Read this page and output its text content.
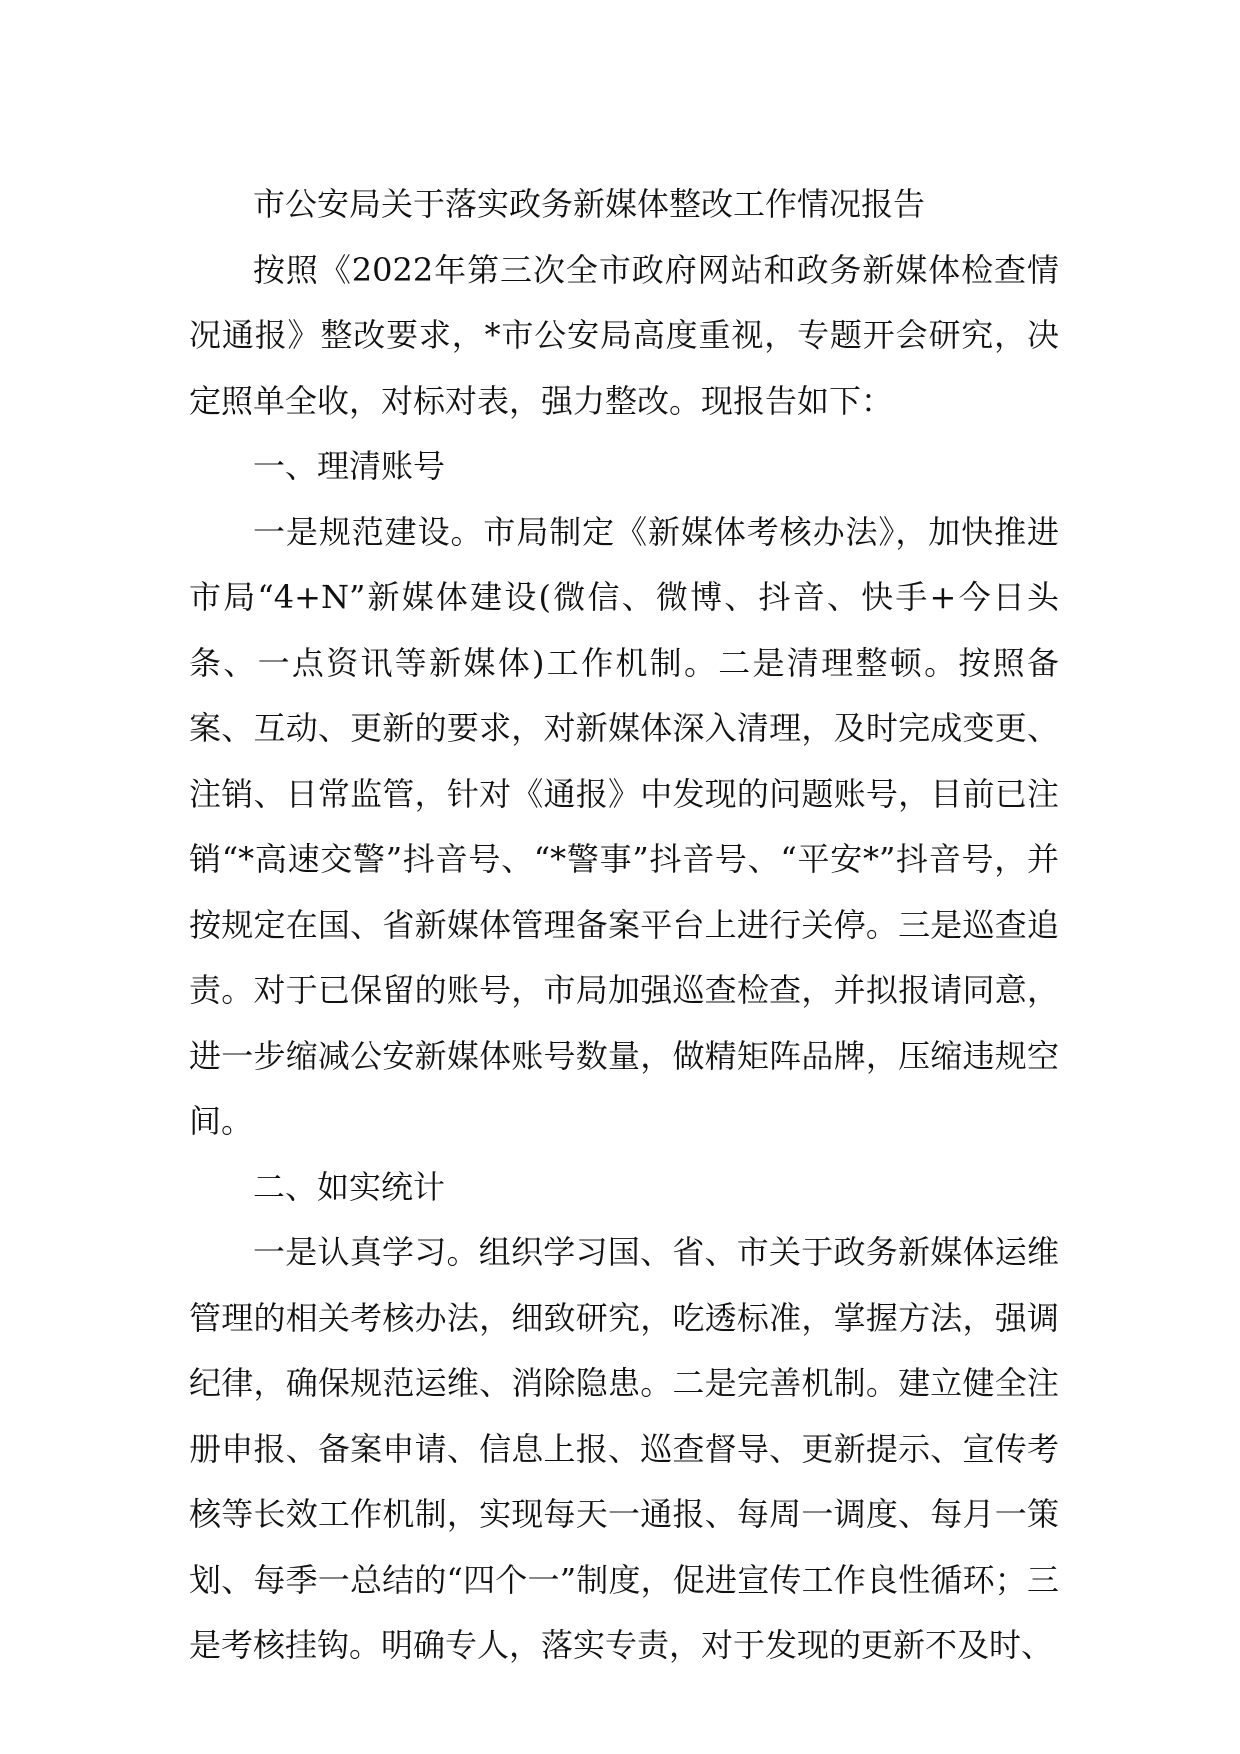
市公安局关于落实政务新媒体整改工作情况报告

按照《2022年第三次全市政府网站和政务新媒体检查情况通报》整改要求，*市公安局高度重视，专题开会研究，决定照单全收，对标对表，强力整改。现报告如下：

一、理清账号

一是规范建设。市局制定《新媒体考核办法》，加快推进市局“4+N”新媒体建设(微信、微博、抖音、快手+今日头条、一点资讯等新媒体)工作机制。二是清理整顿。按照备案、互动、更新的要求，对新媒体深入清理，及时完成变更、注销、日常监管，针对《通报》中发现的问题账号，目前已注销“*高速交警”抖音号、“*警事”抖音号、“平安*”抖音号，并按规定在国、省新媒体管理备案平台上进行关停。三是巡查追责。对于已保留的账号，市局加强巡查检查，并拟报请同意，进一步缩减公安新媒体账号数量，做精矩阵品牌，压缩违规空间。

二、如实统计

一是认真学习。组织学习国、省、市关于政务新媒体运维管理的相关考核办法，细致研究，吃透标准，掌握方法，强调纪律，确保规范运维、消除隐患。二是完善机制。建立健全注册申报、备案申请、信息上报、巡查督导、更新提示、宣传考核等长效工作机制，实现每天一通报、每周一调度、每月一策划、每季一总结的“四个一”制度，促进宣传工作良性循环；三是考核挂钩。明确专人，落实专责，对于发现的更新不及时、
